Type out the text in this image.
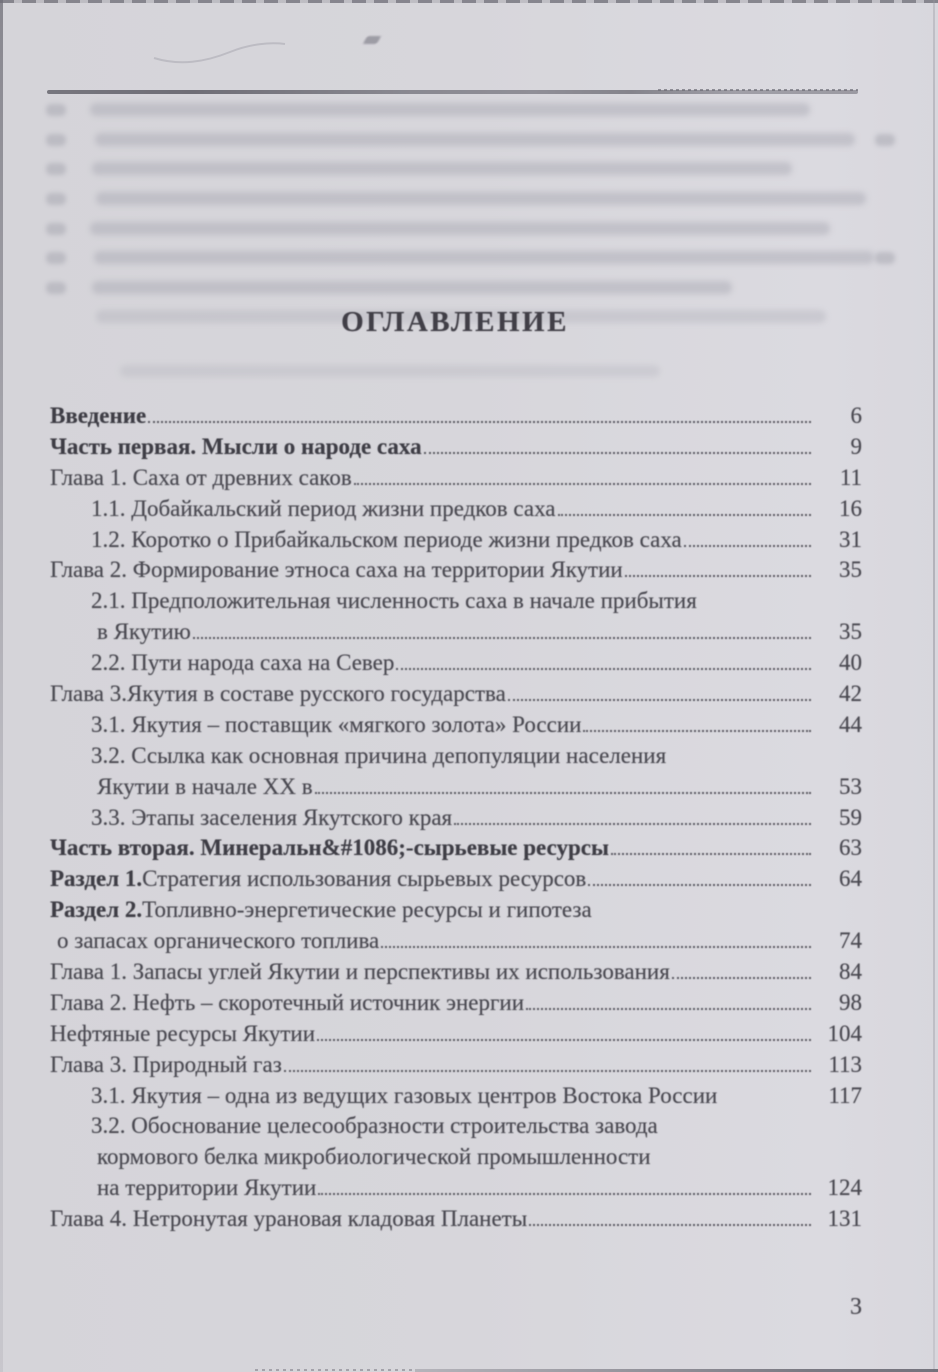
ОГЛАВЛЕНИЕ
Введение	6
Часть первая. Мысли о народе саха	9
Глава 1. Саха от древних саков	11
1.1. Добайкальский период жизни предков саха	16
1.2. Коротко о Прибайкальском периоде жизни предков саха	31
Глава 2. Формирование этноса саха на территории Якутии	35
2.1. Предположительная численность саха в начале прибытия
в Якутию	35
2.2. Пути народа саха на Север	40
Глава 3.Якутия в составе русского государства	42
3.1. Якутия – поставщик «мягкого золота» России	44
3.2. Ссылка как основная причина депопуляции населения
Якутии в начале XX в	53
3.3. Этапы заселения Якутского края	59
Часть вторая. Минеральн&#1086;-сырьевые ресурсы	63
Раздел 1. Стратегия использования сырьевых ресурсов	64
Раздел 2. Топливно-энергетические ресурсы и гипотеза
о запасах органического топлива	74
Глава 1. Запасы углей Якутии и перспективы их использования	84
Глава 2. Нефть – скоротечный источник энергии	98
Нефтяные ресурсы Якутии	104
Глава 3. Природный газ	113
3.1. Якутия – одна из ведущих газовых центров Востока России	117
3.2. Обоснование целесообразности строительства завода
кормового белка микробиологической промышленности
на территории Якутии	124
Глава 4. Нетронутая урановая кладовая Планеты	131
3
